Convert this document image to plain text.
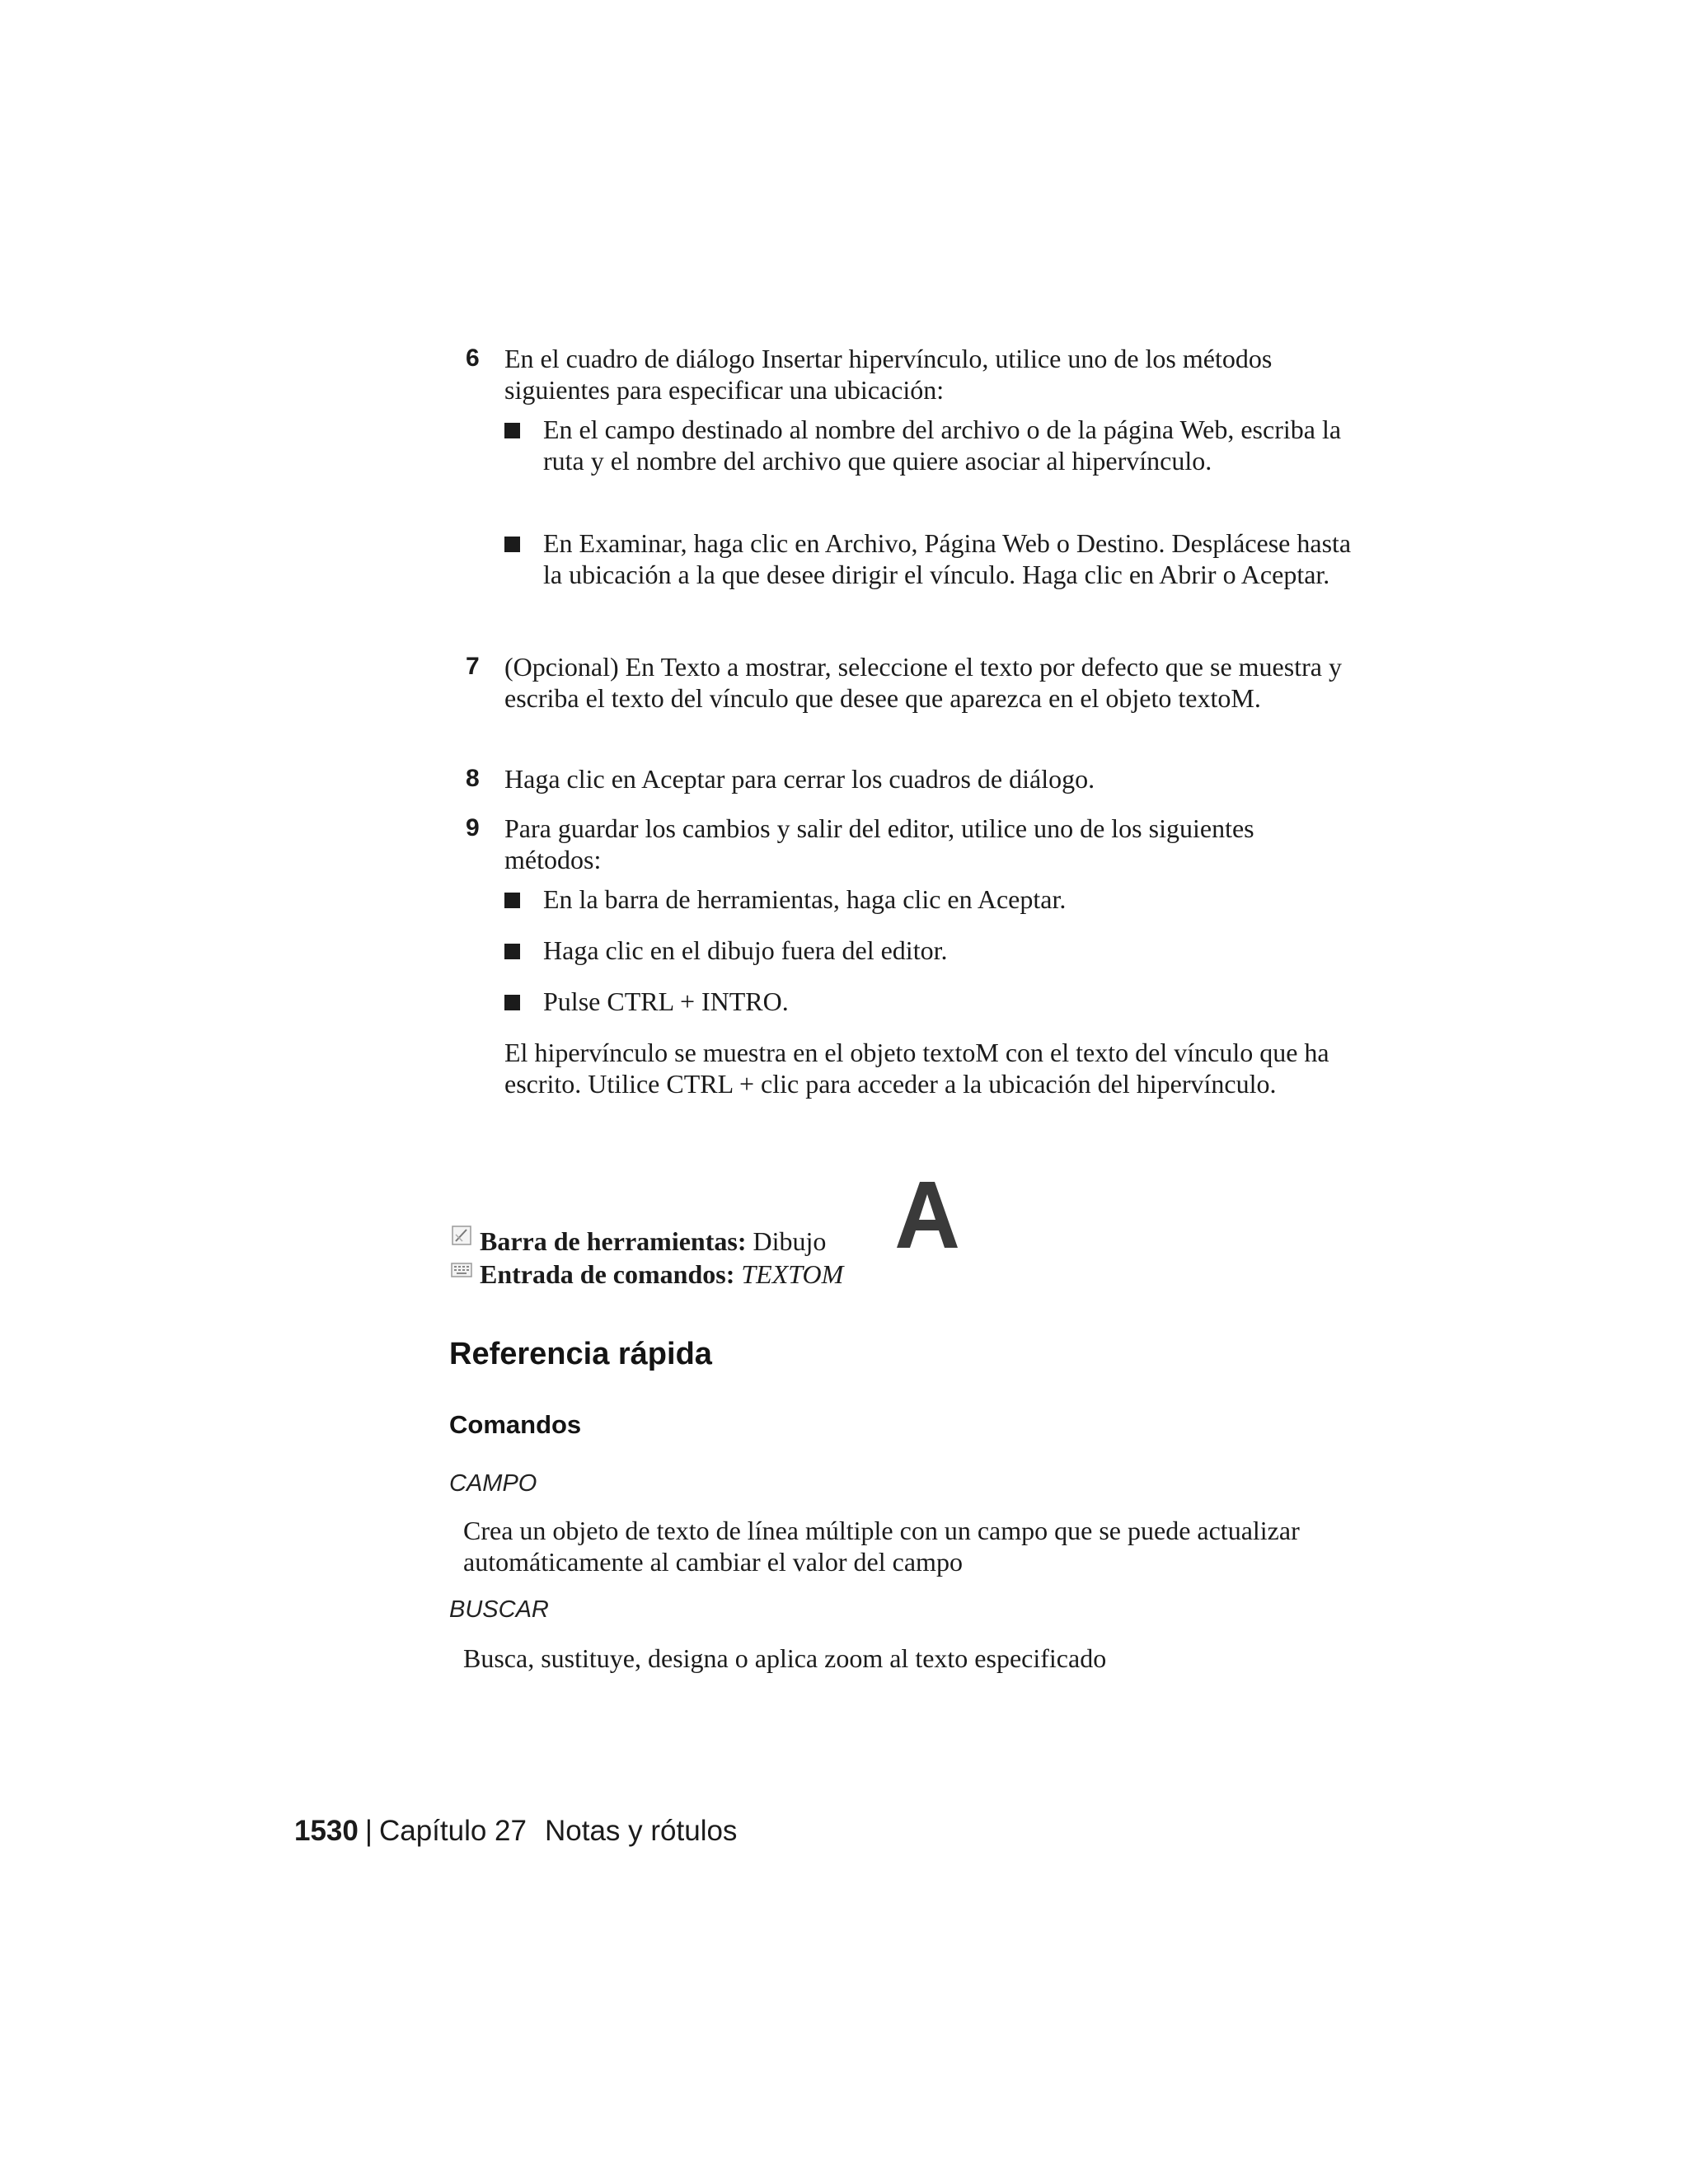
6 En el cuadro de diálogo Insertar hipervínculo, utilice uno de los métodos siguientes para especificar una ubicación:
En el campo destinado al nombre del archivo o de la página Web, escriba la ruta y el nombre del archivo que quiere asociar al hipervínculo.
En Examinar, haga clic en Archivo, Página Web o Destino. Desplácese hasta la ubicación a la que desee dirigir el vínculo. Haga clic en Abrir o Aceptar.
7 (Opcional) En Texto a mostrar, seleccione el texto por defecto que se muestra y escriba el texto del vínculo que desee que aparezca en el objeto textoM.
8 Haga clic en Aceptar para cerrar los cuadros de diálogo.
9 Para guardar los cambios y salir del editor, utilice uno de los siguientes métodos:
En la barra de herramientas, haga clic en Aceptar.
Haga clic en el dibujo fuera del editor.
Pulse CTRL + INTRO.
El hipervínculo se muestra en el objeto textoM con el texto del vínculo que ha escrito. Utilice CTRL + clic para acceder a la ubicación del hipervínculo.
Barra de herramientas: Dibujo
Entrada de comandos: TEXTOM
Referencia rápida
Comandos
CAMPO
Crea un objeto de texto de línea múltiple con un campo que se puede actualizar automáticamente al cambiar el valor del campo
BUSCAR
Busca, sustituye, designa o aplica zoom al texto especificado
1530 | Capítulo 27 Notas y rótulos
